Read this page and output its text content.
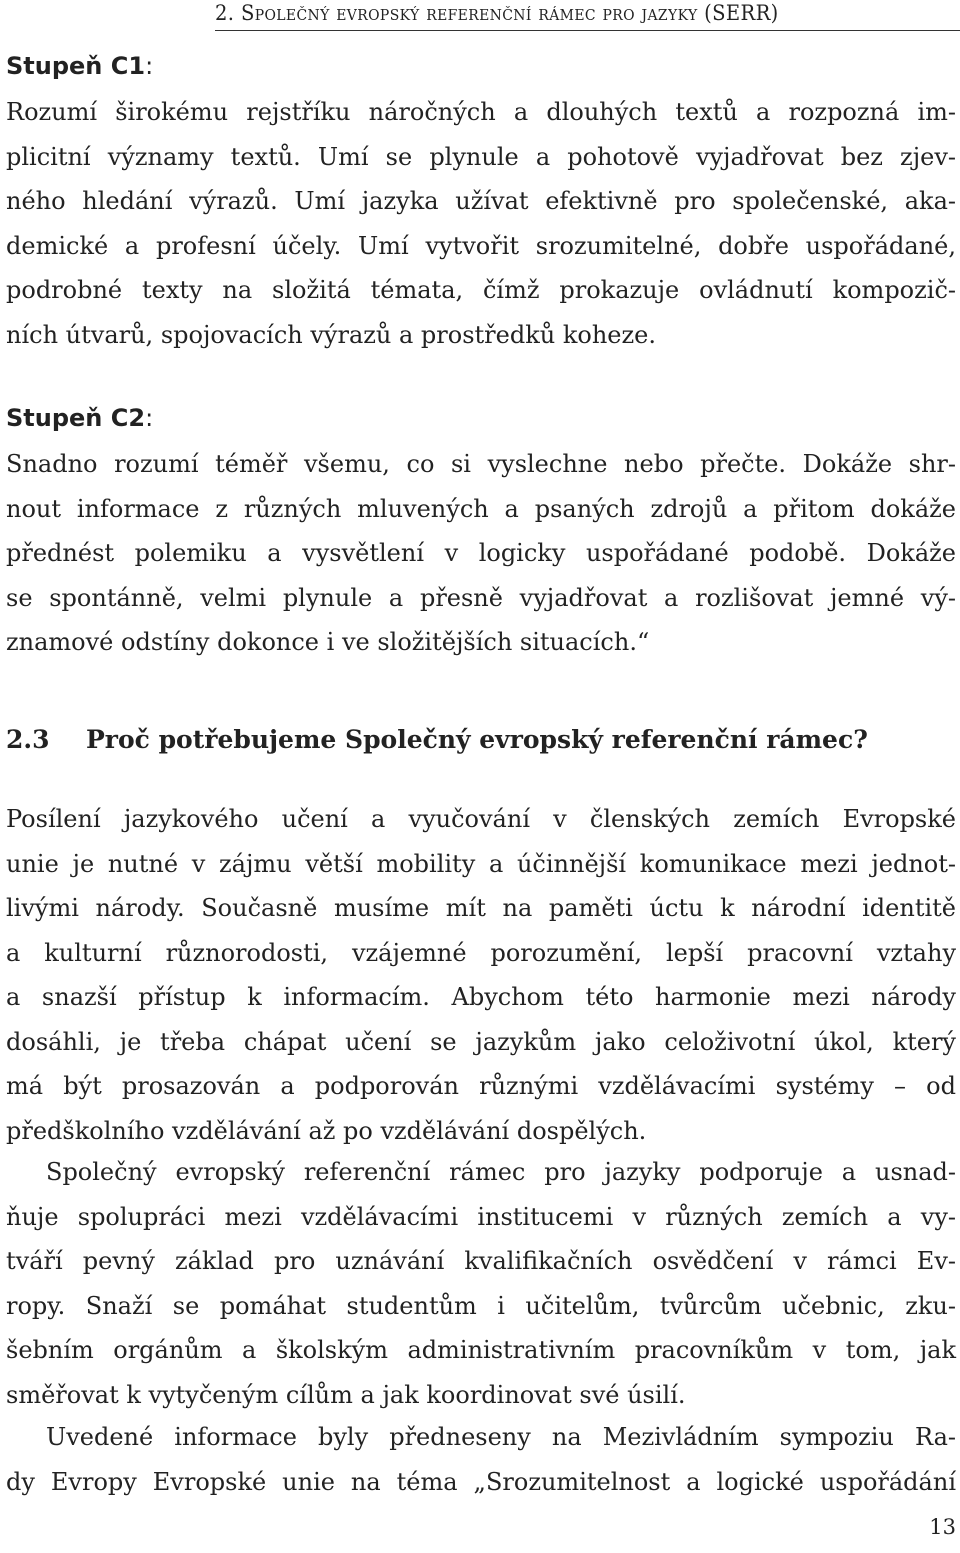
2. Společný evropský referenční rámec pro jazyky (SERR)
Stupeň C1:

Rozumí širokému rejstříku náročných a dlouhých textů a rozpozná im-
plicitní významy textů. Umí se plynule a pohotově vyjadřovat bez zjev-
ného hledání výrazů. Umí jazyka užívat efektivně pro společenské, aka-
demické a profesní účely. Umí vytvořit srozumitelné, dobře uspořádané,
podrobné texty na složitá témata, čímž prokazuje ovládnutí kompozič-
ních útvarů, spojovacích výrazů a prostředků koheze.

Stupeň C2:

Snadno rozumí téměř všemu, co si vyslechne nebo přečte. Dokáže shr-
nout informace z různých mluvených a psaných zdrojů a přitom dokáže
přednést polemiku a vysvětlení v logicky uspořádané podobě. Dokáže
se spontánně, velmi plynule a přesně vyjadřovat a rozlišovat jemné vý-
znamové odstíny dokonce i ve složitějších situacích.“

2.3 Proč potřebujeme Společný evropský referenční rámec?

Posílení jazykového učení a vyučování v členských zemích Evropské
unie je nutné v zájmu větší mobility a účinnější komunikace mezi jednot-
livými národy. Současně musíme mít na paměti úctu k národní identitě
a kulturní různorodosti, vzájemné porozumění, lepší pracovní vztahy
a snazší přístup k informacím. Abychom této harmonie mezi národy
dosáhli, je třeba chápat učení se jazykům jako celoživotní úkol, který
má být prosazován a podporován různými vzdělávacími systémy – od
předškolního vzdělávání až po vzdělávání dospělých.

Společný evropský referenční rámec pro jazyky podporuje a usnad-
ňuje spolupráci mezi vzdělávacími institucemi v různých zemích a vy-
tváří pevný základ pro uznávání kvalifikačních osvědčení v rámci Ev-
ropy. Snaží se pomáhat studentům i učitelům, tvůrcům učebnic, zku-
šebním orgánům a školským administrativním pracovníkům v tom, jak
směřovat k vytyčeným cílům a jak koordinovat své úsilí.

Uvedené informace byly předneseny na Mezivládním sympoziu Ra-
dy Evropy Evropské unie na téma „Srozumitelnost a logické uspořádání

13
